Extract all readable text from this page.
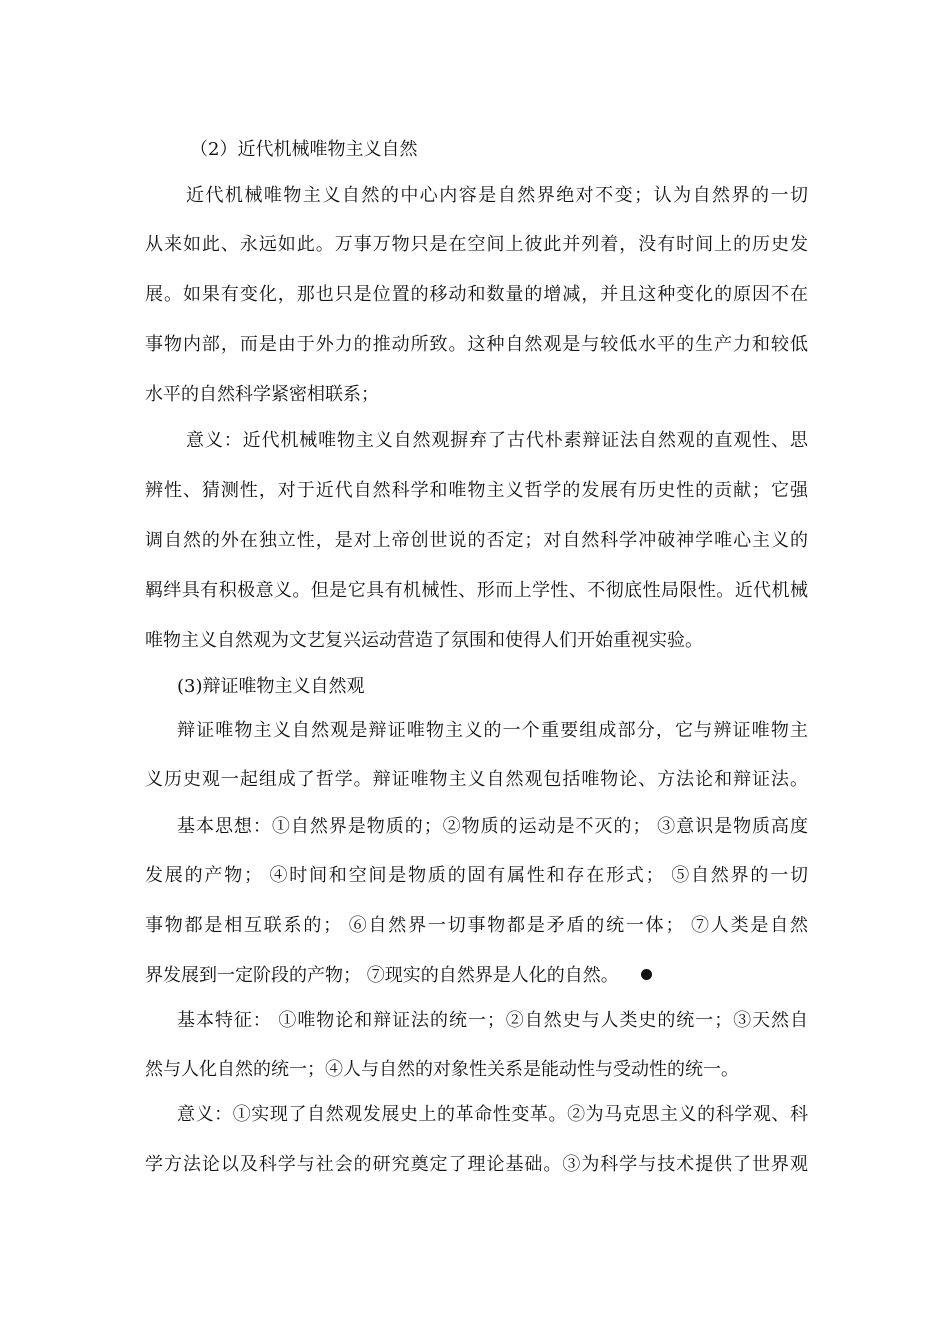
（2）近代机械唯物主义自然
近代机械唯物主义自然的中心内容是自然界绝对不变；认为自然界的一切
从来如此、永远如此。万事万物只是在空间上彼此并列着，没有时间上的历史发
展。如果有变化，那也只是位置的移动和数量的增减，并且这种变化的原因不在
事物内部，而是由于外力的推动所致。这种自然观是与较低水平的生产力和较低
水平的自然科学紧密相联系；
意义：近代机械唯物主义自然观摒弃了古代朴素辩证法自然观的直观性、思
辨性、猜测性，对于近代自然科学和唯物主义哲学的发展有历史性的贡献；它强
调自然的外在独立性，是对上帝创世说的否定；对自然科学冲破神学唯心主义的
羁绊具有积极意义。但是它具有机械性、形而上学性、不彻底性局限性。近代机械
唯物主义自然观为文艺复兴运动营造了氛围和使得人们开始重视实验。
(3)辩证唯物主义自然观
辩证唯物主义自然观是辩证唯物主义的一个重要组成部分，它与辨证唯物主
义历史观一起组成了哲学。辩证唯物主义自然观包括唯物论、方法论和辩证法。
基本思想：①自然界是物质的；②物质的运动是不灭的； ③意识是物质高度
发展的产物； ④时间和空间是物质的固有属性和存在形式； ⑤自然界的一切
事物都是相互联系的； ⑥自然界一切事物都是矛盾的统一体； ⑦人类是自然
界发展到一定阶段的产物； ⑦现实的自然界是人化的自然。
基本特征： ①唯物论和辩证法的统一；②自然史与人类史的统一；③天然自
然与人化自然的统一；④人与自然的对象性关系是能动性与受动性的统一。
意义：①实现了自然观发展史上的革命性变革。②为马克思主义的科学观、科
学方法论以及科学与社会的研究奠定了理论基础。③为科学与技术提供了世界观
